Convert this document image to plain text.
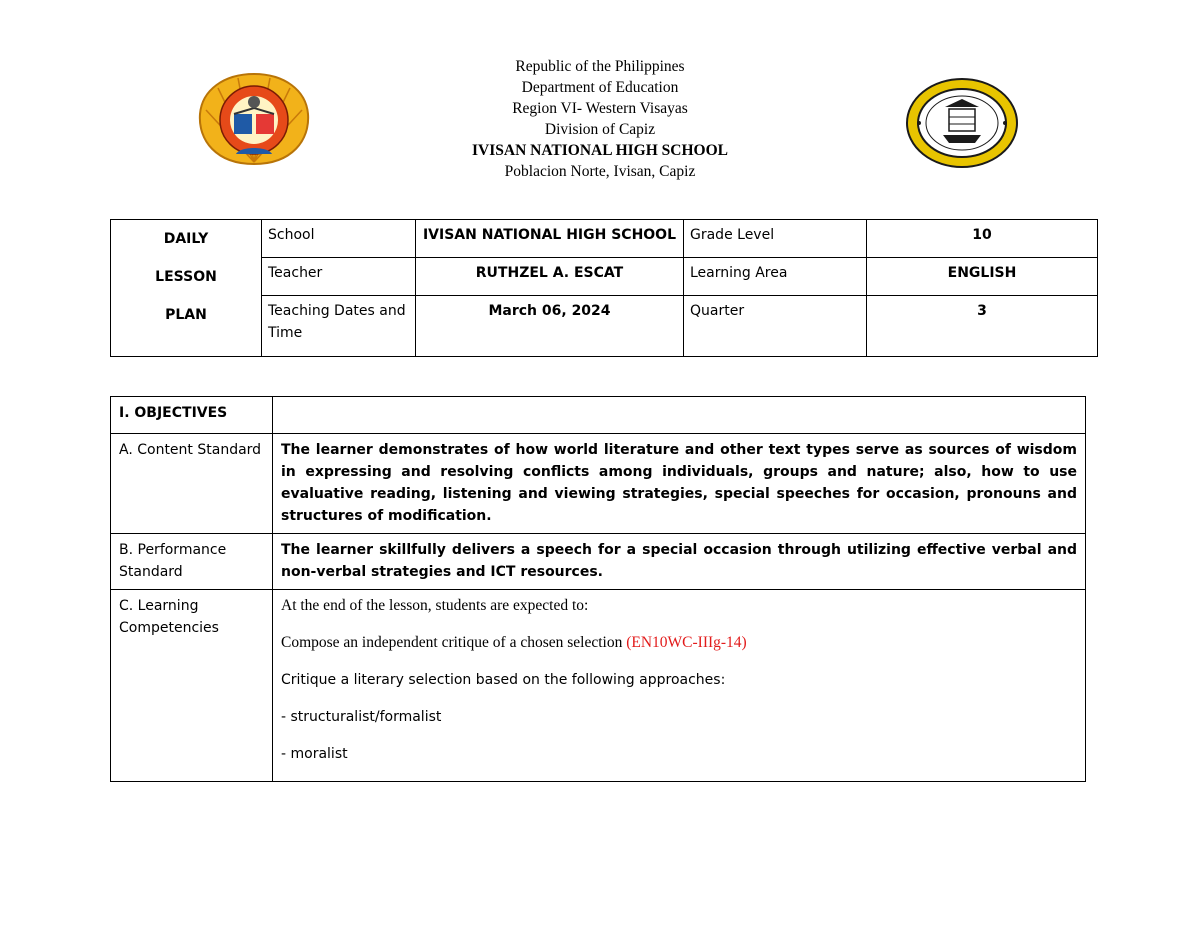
Republic of the Philippines
Department of Education
Region VI- Western Visayas
Division of Capiz
IVISAN NATIONAL HIGH SCHOOL
Poblacion Norte, Ivisan, Capiz
DAILY
LESSON
PLAN	School	IVISAN NATIONAL HIGH SCHOOL	Grade Level	10
	Teacher	RUTHZEL A. ESCAT	Learning Area	ENGLISH
	Teaching Dates and Time	March 06, 2024	Quarter	3
I. OBJECTIVES	
A. Content Standard	The learner demonstrates of how world literature and other text types serve as sources of wisdom in expressing and resolving conflicts among individuals, groups and nature; also, how to use evaluative reading, listening and viewing strategies, special speeches for occasion, pronouns and structures of modification.
B. Performance Standard	The learner skillfully delivers a speech for a special occasion through utilizing effective verbal and non-verbal strategies and ICT resources.
C. Learning Competencies	At the end of the lesson, students are expected to:

Compose an independent critique of a chosen selection (EN10WC-IIIg-14)

Critique a literary selection based on the following approaches:

- structuralist/formalist

- moralist
